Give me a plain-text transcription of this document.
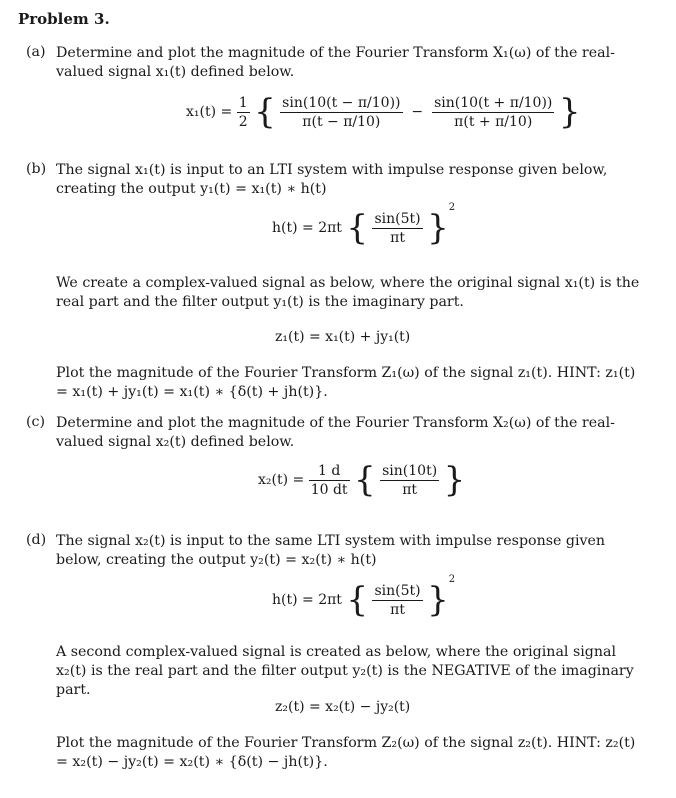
Problem 3.
(a) Determine and plot the magnitude of the Fourier Transform X₁(ω) of the real-valued signal x₁(t) defined below.
$x_1(t) = \frac{1}{2}$ { $\frac{\sin(10(t - \pi/10))}{\pi(t - \pi/10)} - \frac{\sin(10(t + \pi/10))}{\pi(t + \pi/10)}$ }
(b) The signal x₁(t) is input to an LTI system with impulse response given below, creating the output y₁(t) = x₁(t) ∗ h(t)
h(t) = 2πt { $\frac{\sin(5t)}{\pi t} \}^2$
We create a complex-valued signal as below, where the original signal x₁(t) is the real part and the filter output y₁(t) is the imaginary part.
z₁(t) = x₁(t) + jy₁(t)
Plot the magnitude of the Fourier Transform Z₁(ω) of the signal z₁(t). HINT: z₁(t) = x₁(t) + jy₁(t) = x₁(t) ∗ {δ(t) + jh(t)}.
(c) Determine and plot the magnitude of the Fourier Transform X₂(ω) of the real-valued signal x₂(t) defined below.
$x_2(t) = \frac{1 d}{10 dt}$ { $\frac{\sin(10t)}{\pi t}$ }
(d) The signal x₂(t) is input to the same LTI system with impulse response given below, creating the output y₂(t) = x₂(t) ∗ h(t)
h(t) = 2πt { $\frac{\sin(5t)}{\pi t} \}^2$
A second complex-valued signal is created as below, where the original signal x₂(t) is the real part and the filter output y₂(t) is the NEGATIVE of the imaginary part.
z₂(t) = x₂(t) − jy₂(t)
Plot the magnitude of the Fourier Transform Z₂(ω) of the signal z₂(t). HINT: z₂(t) = x₂(t) − jy₂(t) = x₂(t) ∗ {δ(t) − jh(t)}.
